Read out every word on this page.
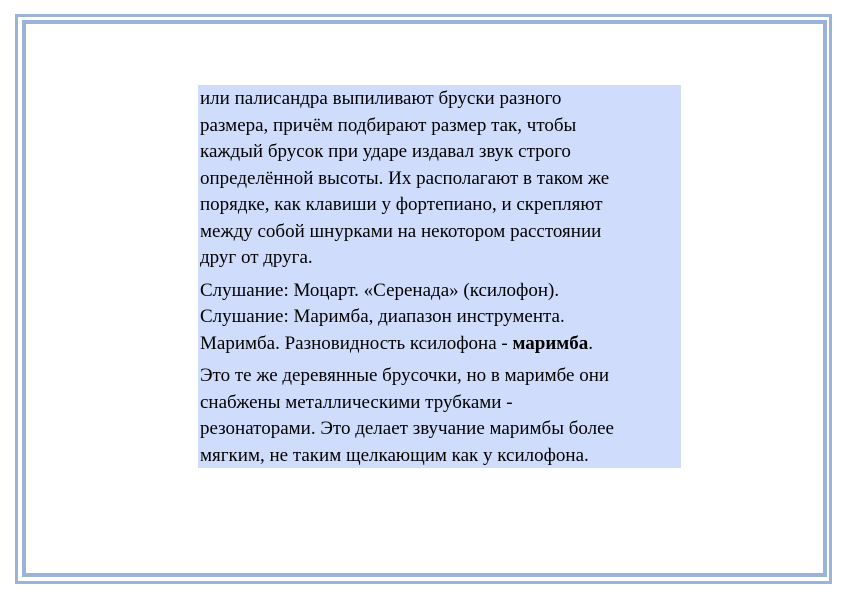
или палисандра выпиливают бруски разного
размера, причём подбирают размер так, чтобы
каждый брусок при ударе издавал звук строго
определённой высоты. Их располагают в таком же
порядке, как клавиши у фортепиано, и скрепляют
между собой шнурками на некотором расстоянии
друг от друга.

Слушание: Моцарт. «Серенада» (ксилофон).
Слушание: Маримба, диапазон инструмента.
Маримба. Разновидность ксилофона - маримба.

Это те же деревянные брусочки, но в маримбе они
снабжены металлическими трубками -
резонаторами. Это делает звучание маримбы более
мягким, не таким щелкающим как у ксилофона.
